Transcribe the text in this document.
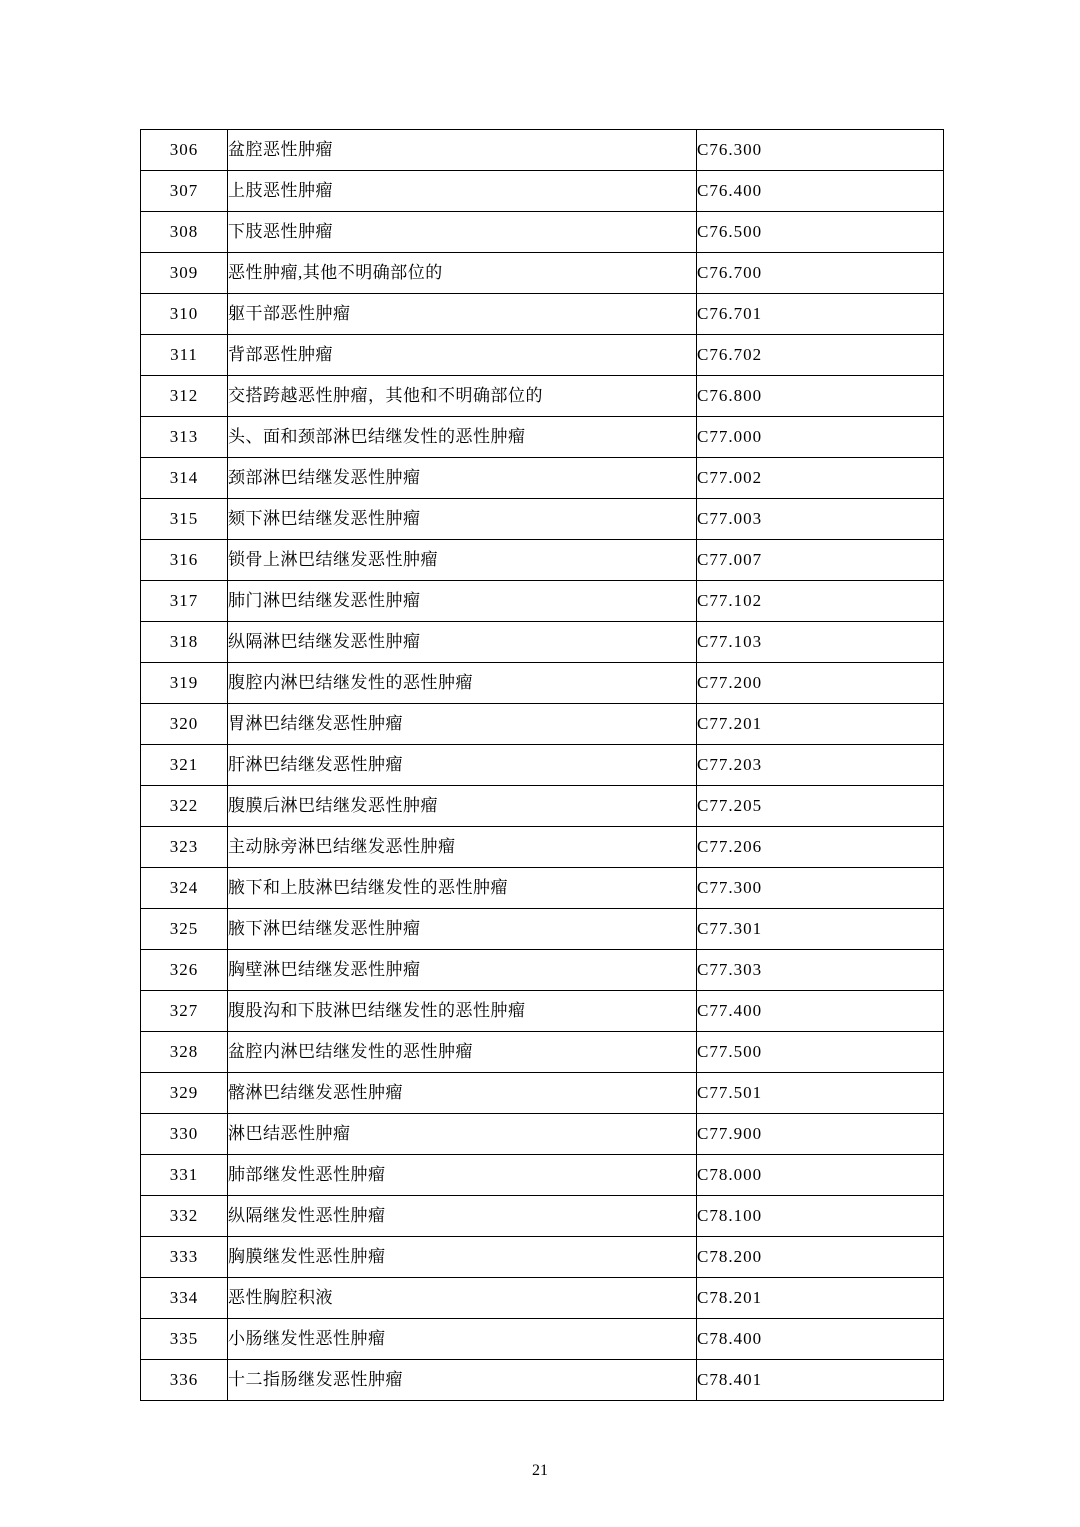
306	盆腔恶性肿瘤	C76.300
307	上肢恶性肿瘤	C76.400
308	下肢恶性肿瘤	C76.500
309	恶性肿瘤,其他不明确部位的	C76.700
310	躯干部恶性肿瘤	C76.701
311	背部恶性肿瘤	C76.702
312	交搭跨越恶性肿瘤，其他和不明确部位的	C76.800
313	头、面和颈部淋巴结继发性的恶性肿瘤	C77.000
314	颈部淋巴结继发恶性肿瘤	C77.002
315	颏下淋巴结继发恶性肿瘤	C77.003
316	锁骨上淋巴结继发恶性肿瘤	C77.007
317	肺门淋巴结继发恶性肿瘤	C77.102
318	纵隔淋巴结继发恶性肿瘤	C77.103
319	腹腔内淋巴结继发性的恶性肿瘤	C77.200
320	胃淋巴结继发恶性肿瘤	C77.201
321	肝淋巴结继发恶性肿瘤	C77.203
322	腹膜后淋巴结继发恶性肿瘤	C77.205
323	主动脉旁淋巴结继发恶性肿瘤	C77.206
324	腋下和上肢淋巴结继发性的恶性肿瘤	C77.300
325	腋下淋巴结继发恶性肿瘤	C77.301
326	胸壁淋巴结继发恶性肿瘤	C77.303
327	腹股沟和下肢淋巴结继发性的恶性肿瘤	C77.400
328	盆腔内淋巴结继发性的恶性肿瘤	C77.500
329	髂淋巴结继发恶性肿瘤	C77.501
330	淋巴结恶性肿瘤	C77.900
331	肺部继发性恶性肿瘤	C78.000
332	纵隔继发性恶性肿瘤	C78.100
333	胸膜继发性恶性肿瘤	C78.200
334	恶性胸腔积液	C78.201
335	小肠继发性恶性肿瘤	C78.400
336	十二指肠继发恶性肿瘤	C78.401
21
